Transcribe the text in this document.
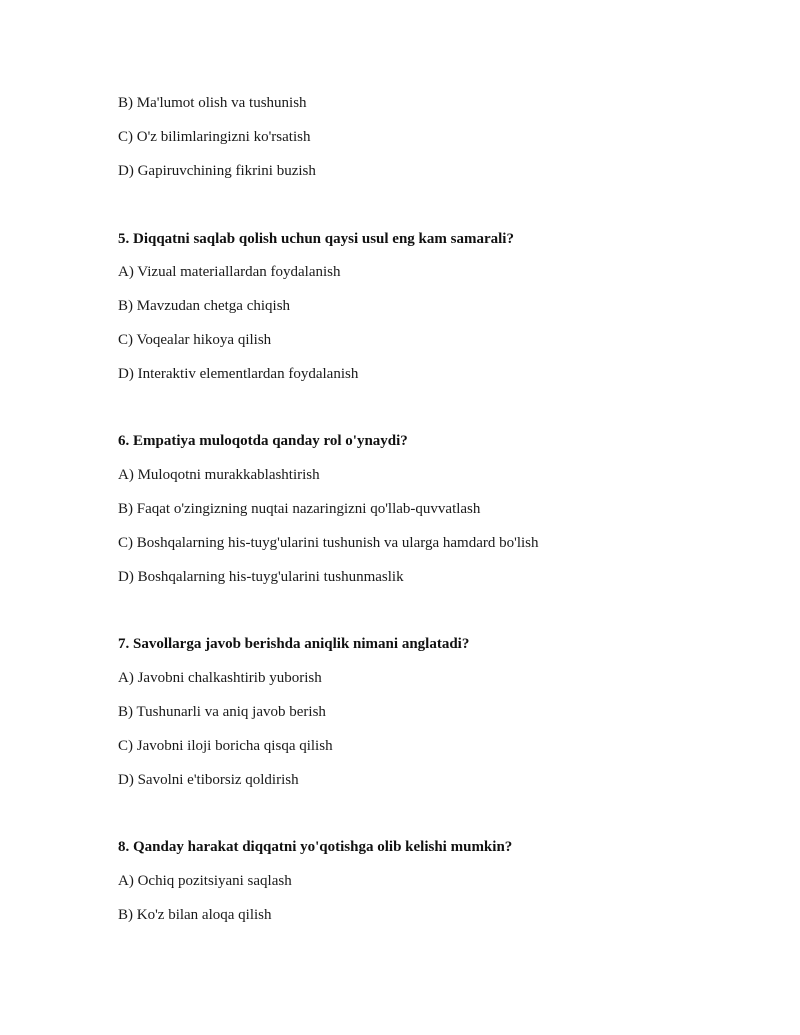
B) Ma'lumot olish va tushunish
C) O'z bilimlaringizni ko'rsatish
D) Gapiruvchining fikrini buzish
5. Diqqatni saqlab qolish uchun qaysi usul eng kam samarali?
A) Vizual materiallardan foydalanish
B) Mavzudan chetga chiqish
C) Voqealar hikoya qilish
D) Interaktiv elementlardan foydalanish
6. Empatiya muloqotda qanday rol o'ynaydi?
A) Muloqotni murakkablashtirish
B) Faqat o'zingizning nuqtai nazaringizni qo'llab-quvvatlash
C) Boshqalarning his-tuyg'ularini tushunish va ularga hamdard bo'lish
D) Boshqalarning his-tuyg'ularini tushunmaslik
7. Savollarga javob berishda aniqlik nimani anglatadi?
A) Javobni chalkashtirib yuborish
B) Tushunarli va aniq javob berish
C) Javobni iloji boricha qisqa qilish
D) Savolni e'tiborsiz qoldirish
8. Qanday harakat diqqatni yo'qotishga olib kelishi mumkin?
A) Ochiq pozitsiyani saqlash
B) Ko'z bilan aloqa qilish
